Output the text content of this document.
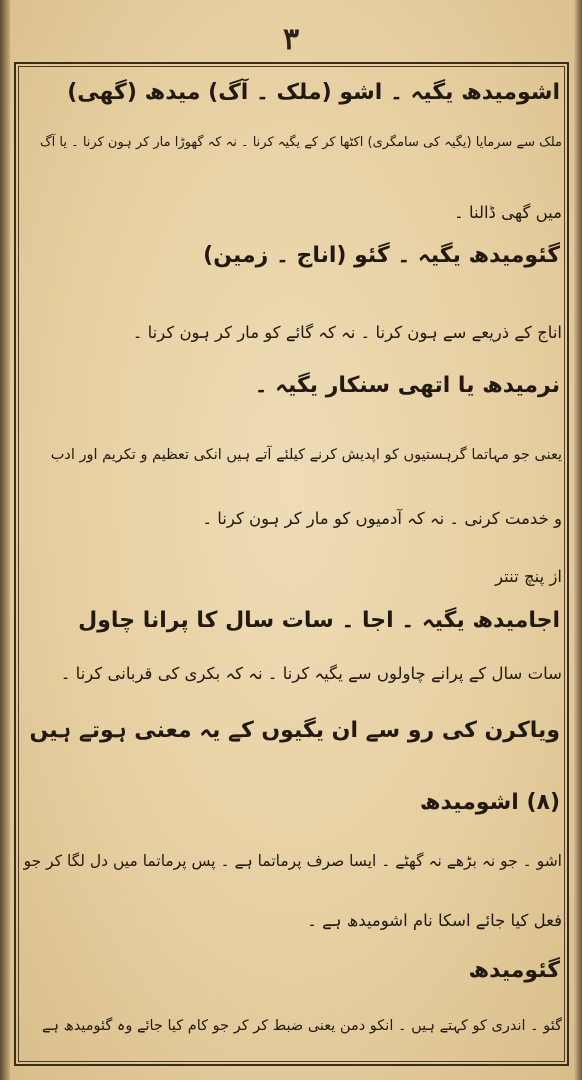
۳
اشومیدھ یگیہ ۔ اشو (ملک ۔ آگ) میدھ (گھی)
ملک سے سرمایا (یگیہ کی سامگری) اکٹھا کر کے یگیہ کرنا ۔ نہ کہ گھوڑا مار کر ہون کرنا ۔ یا آگ
میں گھی ڈالنا ۔
گئومیدھ یگیہ ۔ گئو (اناج ۔ زمین)
اناج کے ذریعے سے ہون کرنا ۔ نہ کہ گائے کو مار کر ہون کرنا ۔
نرمیدھ یا اتھی سنکار یگیہ ۔
یعنی جو مہاتما گرہستیوں کو اپدیش کرنے کیلئے آتے ہیں انکی تعظیم و تکریم اور ادب
و خدمت کرنی ۔ نہ کہ آدمیوں کو مار کر ہون کرنا ۔
از پنچ تنتر
اجامیدھ یگیہ ۔ اجا ۔ سات سال کا پرانا چاول
سات سال کے پرانے چاولوں سے یگیہ کرنا ۔ نہ کہ بکری کی قربانی کرنا ۔
ویاکرن کی رو سے ان یگیوں کے یہ معنی ہوتے ہیں
(۸) اشومیدھ
اشو ۔ جو نہ بڑھے نہ گھٹے ۔ ایسا صرف پرماتما ہے ۔ پس پرماتما میں دل لگا کر جو
فعل کیا جائے اسکا نام اشومیدھ ہے ۔
گئومیدھ
گئو ۔ اندری کو کہتے ہیں ۔ انکو دمن یعنی ضبط کر کر جو کام کیا جائے وہ گئومیدھ ہے
